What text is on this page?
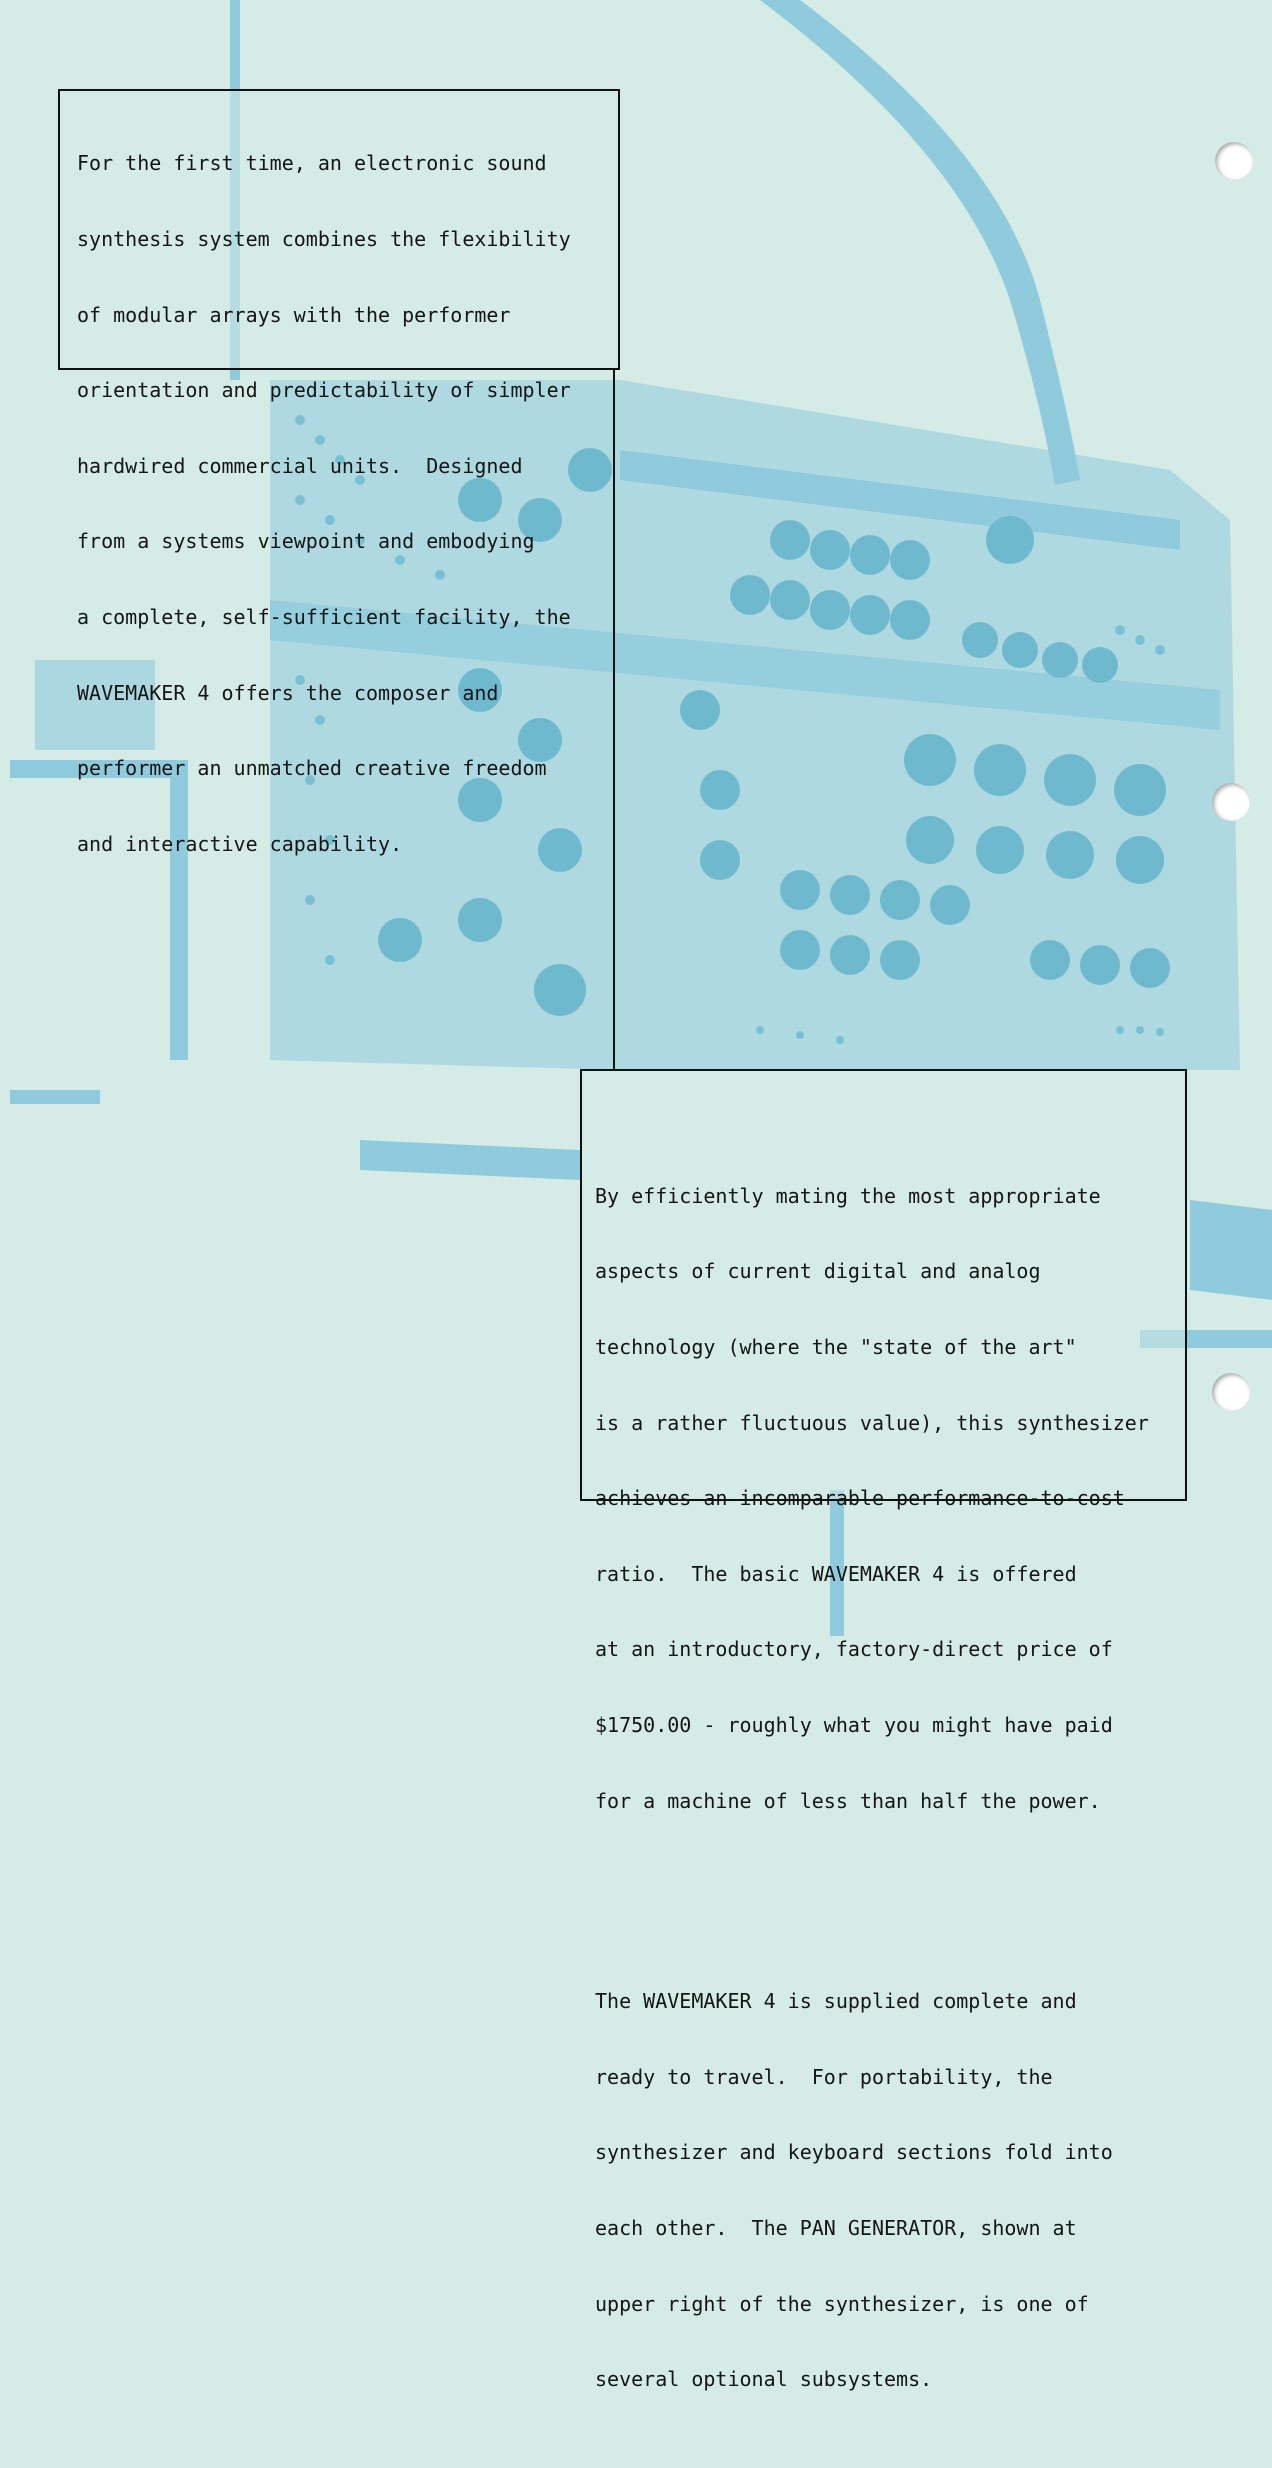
For the first time, an electronic sound

synthesis system combines the flexibility

of modular arrays with the performer

orientation and predictability of simpler

hardwired commercial units.  Designed

from a systems viewpoint and embodying

a complete, self-sufficient facility, the

WAVEMAKER 4 offers the composer and

performer an unmatched creative freedom

and interactive capability.

By efficiently mating the most appropriate

aspects of current digital and analog

technology (where the "state of the art"

is a rather fluctuous value), this synthesizer

achieves an incomparable performance-to-cost

ratio.  The basic WAVEMAKER 4 is offered

at an introductory, factory-direct price of

$1750.00 - roughly what you might have paid

for a machine of less than half the power.

The WAVEMAKER 4 is supplied complete and

ready to travel.  For portability, the

synthesizer and keyboard sections fold into

each other.  The PAN GENERATOR, shown at

upper right of the synthesizer, is one of

several optional subsystems.
